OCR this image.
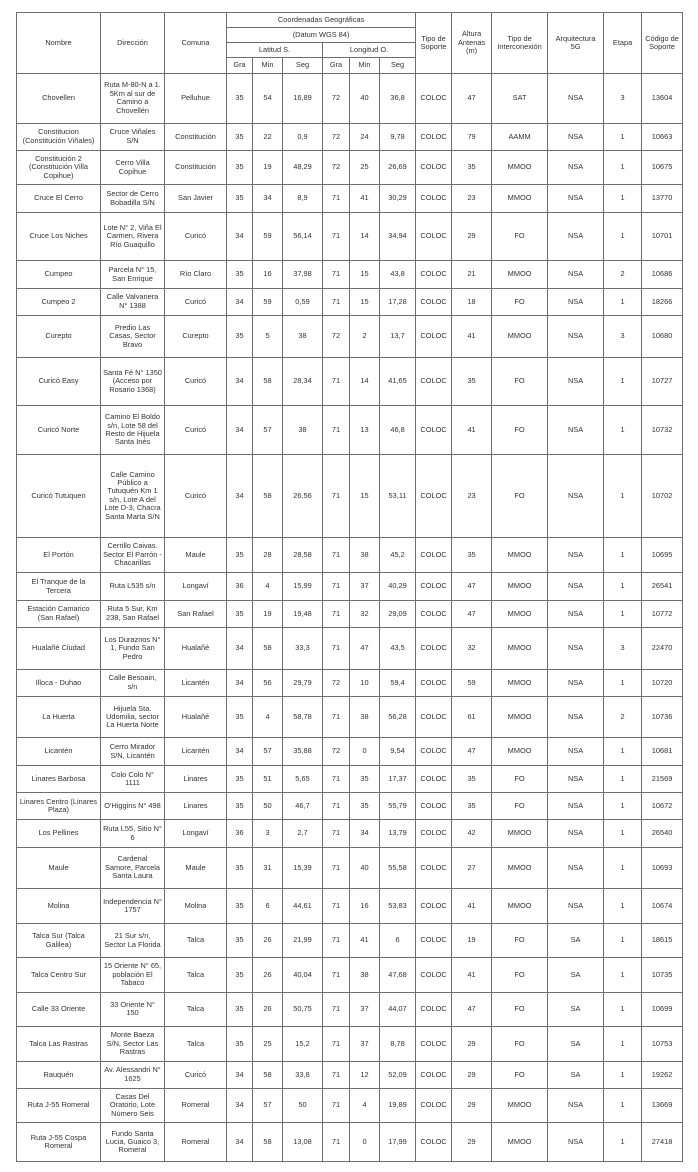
Nombre	Dirección	Comuna	Coordenadas Geográficas						Tipo de Soporte	Altura Antenas (m)	Tipo de Interconexión	Arquitectura 5G	Etapa	Código de Soporte
			(Datum WGS 84)											
			Latitud S.			Longitud O.								
			Gra	Min	Seg	Gra	Min	Seg						
Chovellen	Ruta M-80-N a 1. 5Km al sur de Camino a Chovellén	Pelluhue	35	54	16,89	72	40	36,8	COLOC	47	SAT	NSA	3	13604
Constitucion (Constitución Viñales)	Cruce Viñales S/N	Constitución	35	22	0,9	72	24	9,78	COLOC	79	AAMM	NSA	1	10663
Constitución 2 (Constitución Villa Copihue)	Cerro Villa Copihue	Constitución	35	19	48,29	72	25	26,69	COLOC	35	MMOO	NSA	1	10675
Cruce El Cerro	Sector de Cerro Bobadilla S/N	San Javier	35	34	8,9	71	41	30,29	COLOC	23	MMOO	NSA	1	13770
Cruce Los Niches	Lote N° 2, Viña El Carmen, Rivera Río Guaquillo	Curicó	34	59	56,14	71	14	34,94	COLOC	29	FO	NSA	1	10701
Cumpeo	Parcela N° 15, San Enrique	Río Claro	35	16	37,98	71	15	43,8	COLOC	21	MMOO	NSA	2	10686
Cumpeo 2	Calle Valvanera N° 1388	Curicó	34	59	0,59	71	15	17,28	COLOC	18	FO	NSA	1	18266
Curepto	Predio Las Casas, Sector Bravo	Curepto	35	5	38	72	2	13,7	COLOC	41	MMOO	NSA	3	10680
Curicó Easy	Santa Fé N° 1350 (Acceso por Rosario 1368)	Curicó	34	58	28,34	71	14	41,65	COLOC	35	FO	NSA	1	10727
Curicó Norte	Camino El Boldo s/n, Lote 58 del Resto de Hijuela Santa Inés	Curicó	34	57	38	71	13	46,8	COLOC	41	FO	NSA	1	10732
Curicó Tutuquen	Calle Camino Público a Tutuquén Km 1 s/n, Lote A del Lote D-3, Chacra Santa Marta S/N	Curicó	34	58	26,56	71	15	53,11	COLOC	23	FO	NSA	1	10702
El Portón	Cerrillo Caivas. Sector El Parrón - Chacarillas	Maule	35	28	28,58	71	38	45,2	COLOC	35	MMOO	NSA	1	10695
El Tranque de la Tercera	Ruta L535 s/n	Longaví	36	4	15,99	71	37	40,29	COLOC	47	MMOO	NSA	1	26541
Estación Camarico (San Rafael)	Ruta 5 Sur, Km 238, San Rafael	San Rafael	35	19	19,48	71	32	29,09	COLOC	47	MMOO	NSA	1	10772
Hualañé Ciudad	Los Duraznos N° 1, Fundo San Pedro	Hualañé	34	58	33,3	71	47	43,5	COLOC	32	MMOO	NSA	3	22470
Illoca - Duhao	Calle Besoain, s/n	Licantén	34	56	29,79	72	10	59,4	COLOC	59	MMOO	NSA	1	10720
La Huerta	Hijuela Sta. Udomilia, sector La Huerta Norte	Hualañé	35	4	58,78	71	38	56,28	COLOC	61	MMOO	NSA	2	10736
Licantén	Cerro Mirador S/N, Licantén	Licantén	34	57	35,88	72	0	9,54	COLOC	47	MMOO	NSA	1	10681
Linares Barbosa	Colo Colo N° 1111	Linares	35	51	5,65	71	35	17,37	COLOC	35	FO	NSA	1	21569
Linares Centro (Linares Plaza)	O'Higgins N° 498	Linares	35	50	46,7	71	35	55,79	COLOC	35	FO	NSA	1	10672
Los Pellines	Ruta L55, Sitio N° 6	Longaví	36	3	2,7	71	34	13,79	COLOC	42	MMOO	NSA	1	26540
Maule	Cardenal Samore, Parcela Santa Laura	Maule	35	31	15,39	71	40	55,58	COLOC	27	MMOO	NSA	1	10693
Molina	Independencia N° 1757	Molina	35	6	44,61	71	16	53,83	COLOC	41	MMOO	NSA	1	10674
Talca Sur (Talca Galilea)	21 Sur s/n, Sector La Florida	Talca	35	26	21,99	71	41	6	COLOC	19	FO	SA	1	18615
Talca Centro Sur	15 Oriente N° 65, población El Tabaco	Talca	35	26	40,04	71	38	47,68	COLOC	41	FO	SA	1	10735
Calle 33 Oriente	33 Oriente N° 150	Talca	35	26	50,75	71	37	44,07	COLOC	47	FO	SA	1	10699
Talca Las Rastras	Monte Baeza S/N, Sector Las Rastras	Talca	35	25	15,2	71	37	8,78	COLOC	29	FO	SA	1	10753
Rauquén	Av. Alessandri N° 1625	Curicó	34	58	33,8	71	12	52,09	COLOC	29	FO	SA	1	19262
Ruta J-55 Romeral	Casas Del Oratorio, Lote Número Seis	Romeral	34	57	50	71	4	19,89	COLOC	29	MMOO	NSA	1	13669
Ruta J-55 Cospa Romeral	Fundo Santa Lucia, Guaico 3, Romeral	Romeral	34	58	13,08	71	0	17,99	COLOC	29	MMOO	NSA	1	27418
